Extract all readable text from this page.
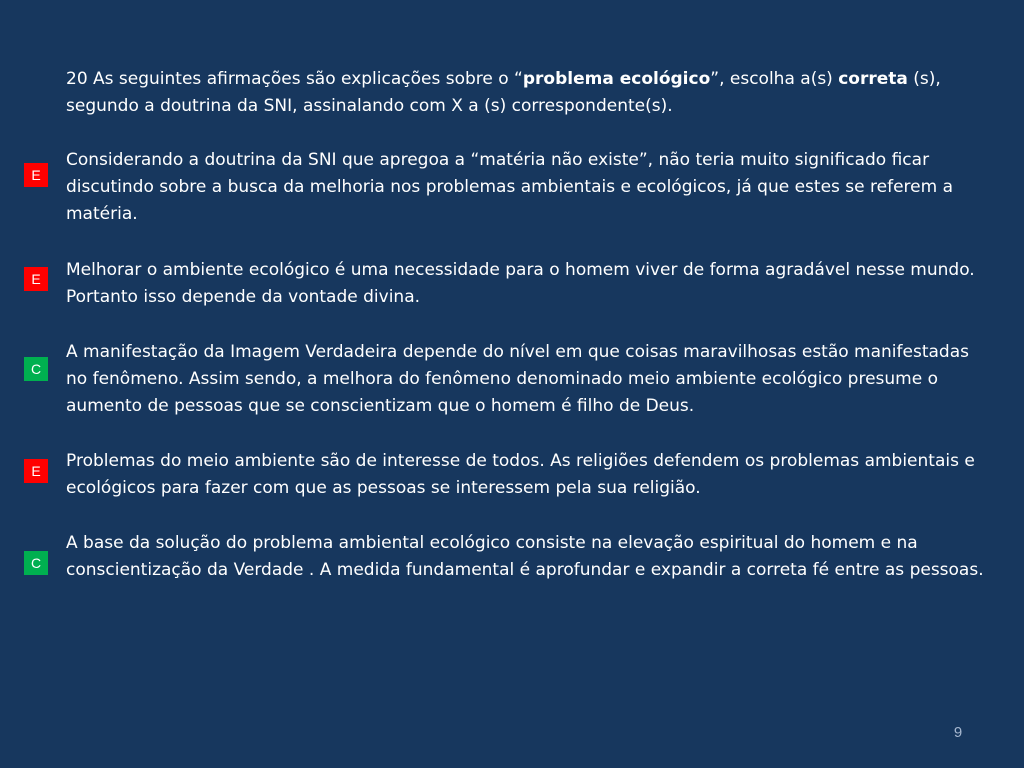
20 As seguintes afirmações são explicações sobre o “problema ecológico”, escolha a(s) correta (s), segundo a doutrina da SNI, assinalando com X a (s) correspondente(s).

E

Considerando a doutrina da SNI que apregoa a “matéria não existe”, não teria muito significado ficar discutindo sobre a busca da melhoria nos problemas ambientais e ecológicos, já que estes se referem a matéria.

E	Melhorar o ambiente ecológico é uma necessidade para o homem viver de forma agradável nesse mundo. Portanto isso depende da vontade divina.

C

A manifestação da Imagem Verdadeira depende do nível em que coisas maravilhosas estão manifestadas no fenômeno. Assim sendo, a melhora do fenômeno denominado meio ambiente ecológico presume o aumento de pessoas que se conscientizam que o homem é filho de Deus.

E	Problemas do meio ambiente são de interesse de todos. As religiões defendem os problemas ambientais e ecológicos para fazer com que as pessoas se interessem pela sua religião.

C

A base da solução do problema ambiental ecológico consiste na elevação espiritual do homem e na conscientização da Verdade . A medida fundamental é aprofundar e expandir a correta fé entre as pessoas.

9
